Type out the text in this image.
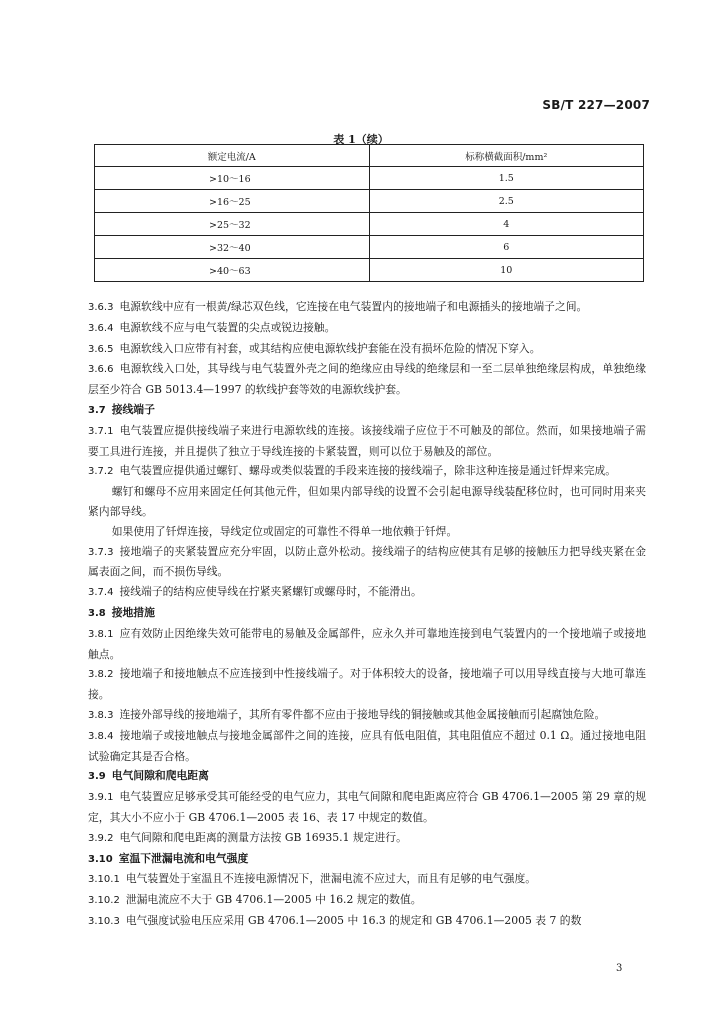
SB/T 227—2007
表 1（续）
额定电流/A	标称横截面积/mm²
>10～16	1.5
>16～25	2.5
>25～32	4
>32～40	6
>40～63	10

3.6.3 电源软线中应有一根黄/绿芯双色线，它连接在电气装置内的接地端子和电源插头的接地端子之间。

3.6.4 电源软线不应与电气装置的尖点或锐边接触。

3.6.5 电源软线入口应带有衬套，或其结构应使电源软线护套能在没有损坏危险的情况下穿入。

3.6.6 电源软线入口处，其导线与电气装置外壳之间的绝缘应由导线的绝缘层和一至二层单独绝缘层构成，单独绝缘层至少符合 GB 5013.4—1997 的软线护套等效的电源软线护套。

3.7 接线端子

3.7.1 电气装置应提供接线端子来进行电源软线的连接。该接线端子应位于不可触及的部位。然而，如果接地端子需要工具进行连接，并且提供了独立于导线连接的卡紧装置，则可以位于易触及的部位。

3.7.2 电气装置应提供通过螺钉、螺母或类似装置的手段来连接的接线端子，除非这种连接是通过钎焊来完成。

螺钉和螺母不应用来固定任何其他元件，但如果内部导线的设置不会引起电源导线装配移位时，也可同时用来夹紧内部导线。

如果使用了钎焊连接，导线定位或固定的可靠性不得单一地依赖于钎焊。

3.7.3 接地端子的夹紧装置应充分牢固，以防止意外松动。接线端子的结构应使其有足够的接触压力把导线夹紧在金属表面之间，而不损伤导线。

3.7.4 接线端子的结构应使导线在拧紧夹紧螺钉或螺母时，不能滑出。

3.8 接地措施

3.8.1 应有效防止因绝缘失效可能带电的易触及金属部件，应永久并可靠地连接到电气装置内的一个接地端子或接地触点。

3.8.2 接地端子和接地触点不应连接到中性接线端子。对于体积较大的设备，接地端子可以用导线直接与大地可靠连接。

3.8.3 连接外部导线的接地端子，其所有零件都不应由于接地导线的铜接触或其他金属接触而引起腐蚀危险。

3.8.4 接地端子或接地触点与接地金属部件之间的连接，应具有低电阻值，其电阻值应不超过 0.1 Ω。通过接地电阻试验确定其是否合格。

3.9 电气间隙和爬电距离

3.9.1 电气装置应足够承受其可能经受的电气应力，其电气间隙和爬电距离应符合 GB 4706.1—2005 第 29 章的规定，其大小不应小于 GB 4706.1—2005 表 16、表 17 中规定的数值。

3.9.2 电气间隙和爬电距离的测量方法按 GB 16935.1 规定进行。

3.10 室温下泄漏电流和电气强度

3.10.1 电气装置处于室温且不连接电源情况下，泄漏电流不应过大，而且有足够的电气强度。

3.10.2 泄漏电流应不大于 GB 4706.1—2005 中 16.2 规定的数值。

3.10.3 电气强度试验电压应采用 GB 4706.1—2005 中 16.3 的规定和 GB 4706.1—2005 表 7 的数

3
